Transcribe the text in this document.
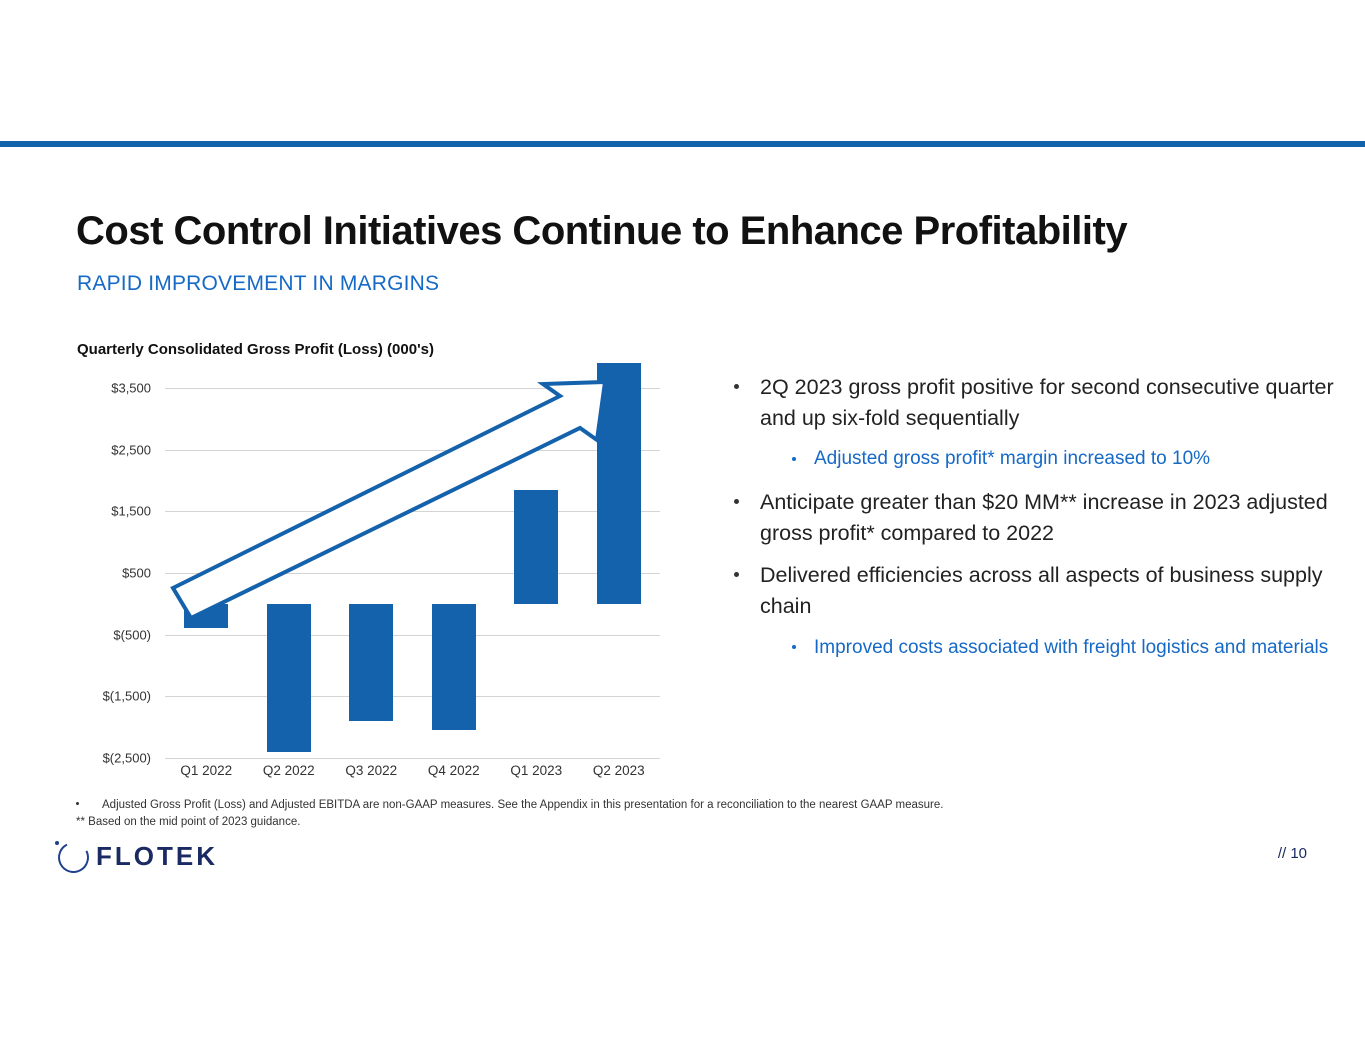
Cost Control Initiatives Continue to Enhance Profitability
RAPID IMPROVEMENT IN MARGINS
Quarterly Consolidated Gross Profit (Loss) (000's)
$3,500
$2,500
$1,500
$500
$(500)
$(1,500)
$(2,500)
Q1 2022 Q2 2022 Q3 2022 Q4 2022 Q1 2023 Q2 2023
2Q 2023 gross profit positive for second consecutive quarter and up six-fold sequentially
Adjusted gross profit* margin increased to 10%
Anticipate greater than $20 MM** increase in 2023 adjusted gross profit* compared to 2022
Delivered efficiencies across all aspects of business supply chain
Improved costs associated with freight logistics and materials
Adjusted Gross Profit (Loss) and Adjusted EBITDA are non-GAAP measures. See the Appendix in this presentation for a reconciliation to the nearest GAAP measure.
** Based on the mid point of 2023 guidance.
FLOTEK	// 10
